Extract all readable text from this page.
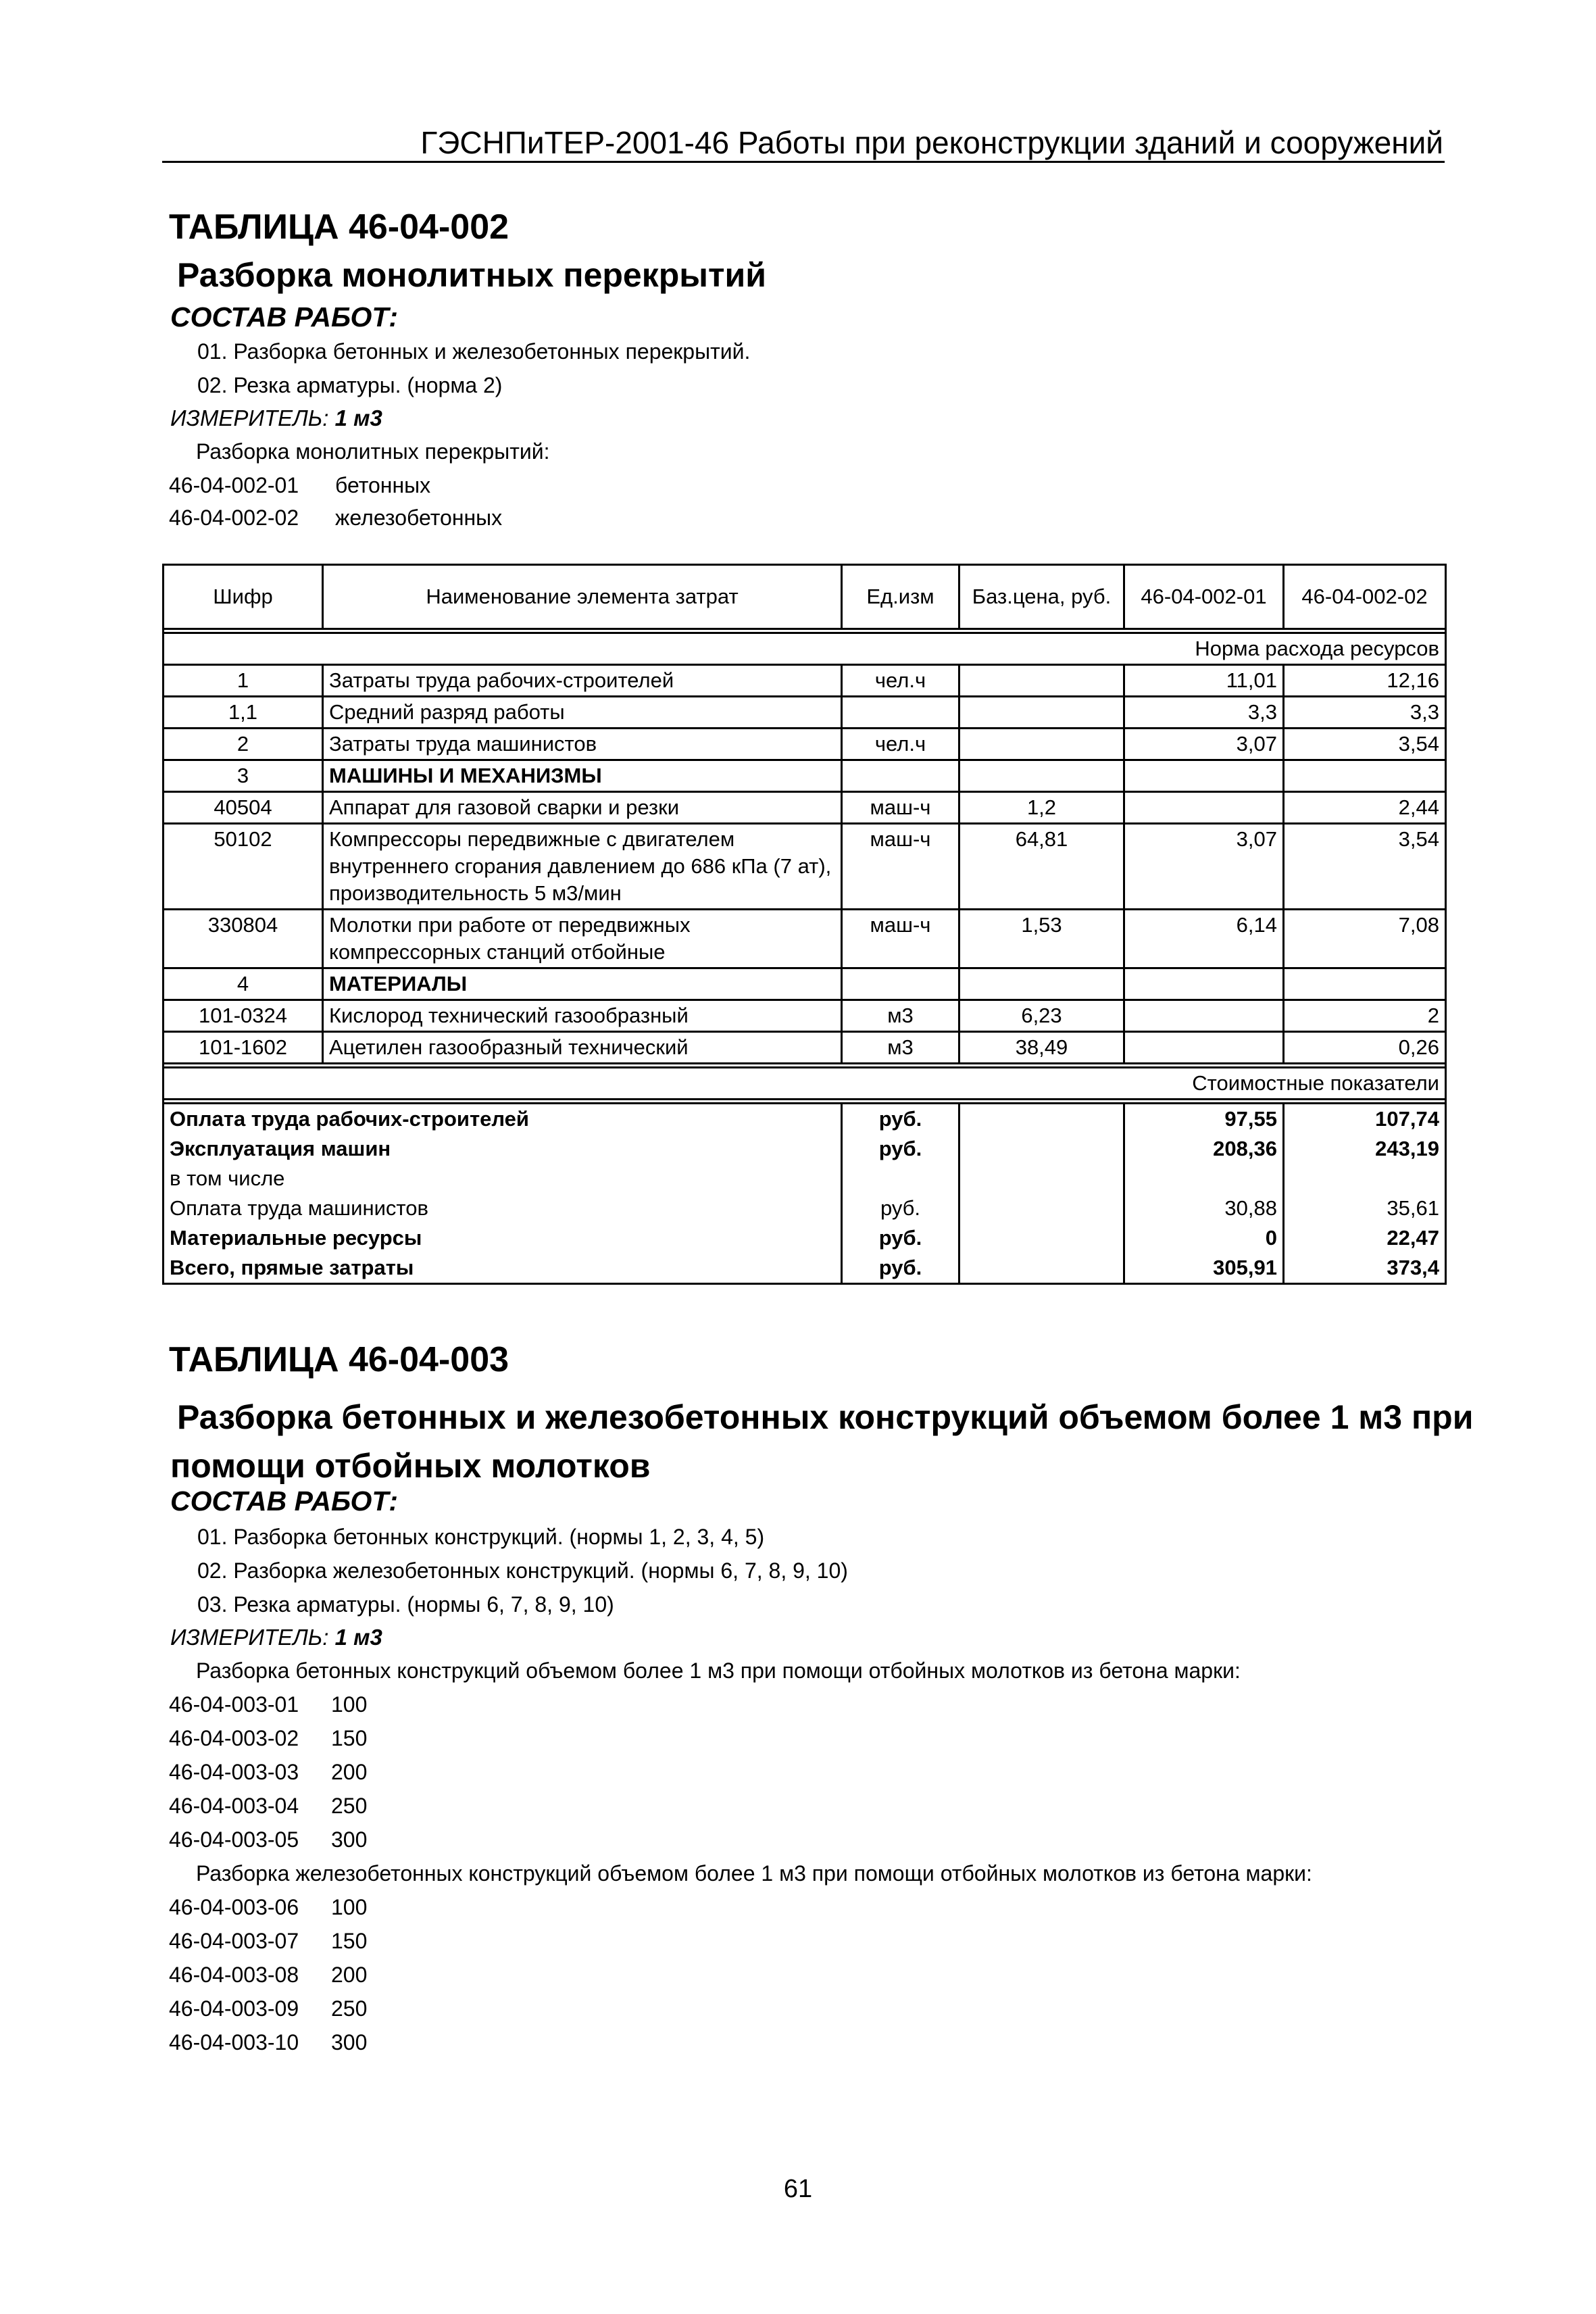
ГЭСНПиТЕР-2001-46 Работы при реконструкции зданий и сооружений
ТАБЛИЦА 46-04-002
Разборка монолитных перекрытий
СОСТАВ РАБОТ:
01. Разборка бетонных и железобетонных перекрытий.
02. Резка арматуры. (норма 2)
ИЗМЕРИТЕЛЬ: 1 м3
Разборка монолитных перекрытий:
46-04-002-01 бетонных
46-04-002-02 железобетонных
Шифр	Наименование элемента затрат	Ед.изм	Баз.цена, руб.	46-04-002-01	46-04-002-02

Норма расхода ресурсов					
1	Затраты труда рабочих-строителей	чел.ч		11,01	12,16
1,1	Средний разряд работы			3,3	3,3
2	Затраты труда машинистов	чел.ч		3,07	3,54
3	МАШИНЫ И МЕХАНИЗМЫ				
40504	Аппарат для газовой сварки и резки	маш-ч	1,2		2,44
50102	Компрессоры передвижные с двигателем внутреннего сгорания давлением до 686 кПа (7 ат), производительность 5 м3/мин	маш-ч	64,81	3,07	3,54
330804	Молотки при работе от передвижных компрессорных станций отбойные	маш-ч	1,53	6,14	7,08
4	МАТЕРИАЛЫ				
101-0324	Кислород технический газообразный	м3	6,23		2
101-1602	Ацетилен газообразный технический	м3	38,49		0,26

Стоимостные показатели					

Оплата труда рабочих-строителей		руб.		97,55	107,74
Эксплуатация машин		руб.		208,36	243,19
в том числе					
Оплата труда машинистов		руб.		30,88	35,61
Материальные ресурсы		руб.		0	22,47
Всего, прямые затраты		руб.		305,91	373,4
ТАБЛИЦА 46-04-003
Разборка бетонных и железобетонных конструкций объемом более 1 м3 при
помощи отбойных молотков
СОСТАВ РАБОТ:
01. Разборка бетонных конструкций. (нормы 1, 2, 3, 4, 5)
02. Разборка железобетонных конструкций. (нормы 6, 7, 8, 9, 10)
03. Резка арматуры. (нормы 6, 7, 8, 9, 10)
ИЗМЕРИТЕЛЬ: 1 м3
Разборка бетонных конструкций объемом более 1 м3 при помощи отбойных молотков из бетона марки:
46-04-003-01 100
46-04-003-02 150
46-04-003-03 200
46-04-003-04 250
46-04-003-05 300
Разборка железобетонных конструкций объемом более 1 м3 при помощи отбойных молотков из бетона марки:
46-04-003-06 100
46-04-003-07 150
46-04-003-08 200
46-04-003-09 250
46-04-003-10 300
61
